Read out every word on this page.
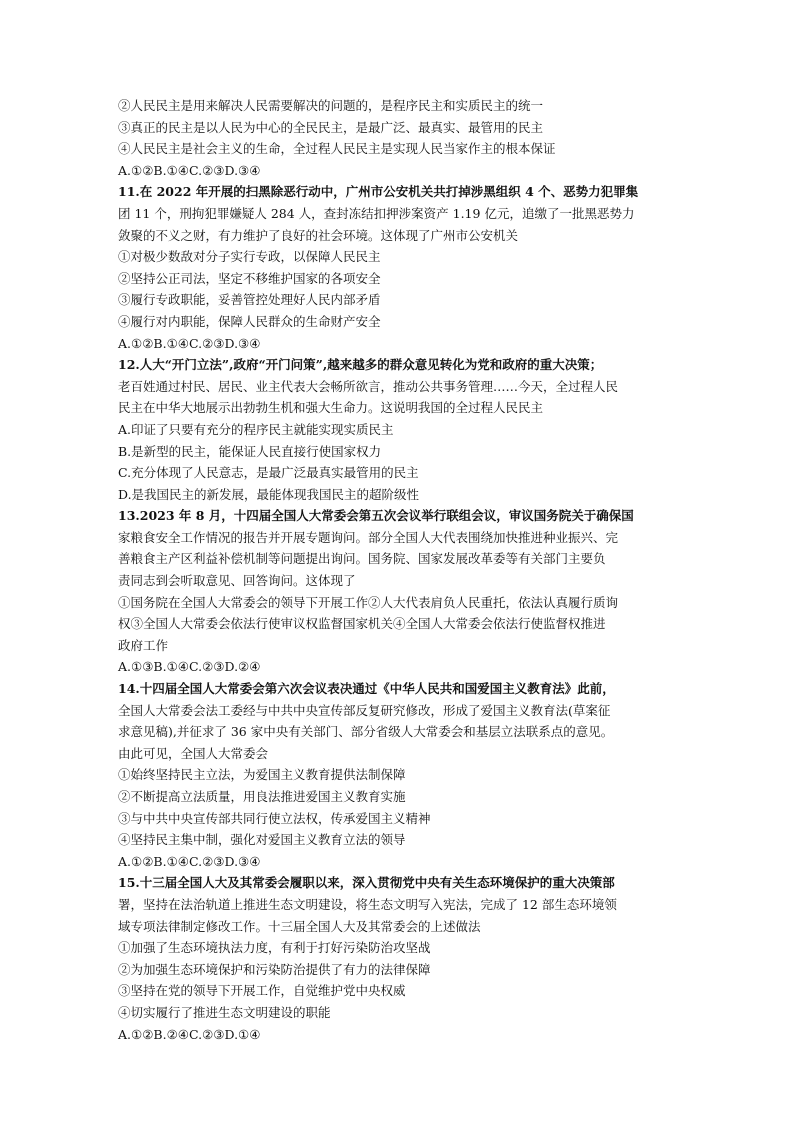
②人民民主是用来解决人民需要解决的问题的，是程序民主和实质民主的统一
③真正的民主是以人民为中心的全民民主，是最广泛、最真实、最管用的民主
④人民民主是社会主义的生命，全过程人民民主是实现人民当家作主的根本保证
A.①②B.①④C.②③D.③④
11.在 2022 年开展的扫黑除恶行动中，广州市公安机关共打掉涉黑组织 4 个、恶势力犯罪集
团 11 个，刑拘犯罪嫌疑人 284 人，查封冻结扣押涉案资产 1.19 亿元，追缴了一批黑恶势力
敛聚的不义之财，有力维护了良好的社会环境。这体现了广州市公安机关
①对极少数敌对分子实行专政，以保障人民民主
②坚持公正司法，坚定不移维护国家的各项安全
③履行专政职能，妥善管控处理好人民内部矛盾
④履行对内职能，保障人民群众的生命财产安全
A.①②B.①④C.②③D.③④
12.人大“开门立法”,政府“开门问策”,越来越多的群众意见转化为党和政府的重大决策；
老百姓通过村民、居民、业主代表大会畅所欲言，推动公共事务管理……今天，全过程人民
民主在中华大地展示出勃勃生机和强大生命力。这说明我国的全过程人民民主
A.印证了只要有充分的程序民主就能实现实质民主
B.是新型的民主，能保证人民直接行使国家权力
C.充分体现了人民意志，是最广泛最真实最管用的民主
D.是我国民主的新发展，最能体现我国民主的超阶级性
13.2023 年 8 月，十四届全国人大常委会第五次会议举行联组会议，审议国务院关于确保国
家粮食安全工作情况的报告并开展专题询问。部分全国人大代表围绕加快推进种业振兴、完
善粮食主产区利益补偿机制等问题提出询问。国务院、国家发展改革委等有关部门主要负
责同志到会听取意见、回答询问。这体现了
①国务院在全国人大常委会的领导下开展工作②人大代表肩负人民重托，依法认真履行质询
权③全国人大常委会依法行使审议权监督国家机关④全国人大常委会依法行使监督权推进
政府工作
A.①③B.①④C.②③D.②④
14.十四届全国人大常委会第六次会议表决通过《中华人民共和国爱国主义教育法》此前，
全国人大常委会法工委经与中共中央宣传部反复研究修改，形成了爱国主义教育法(草案征
求意见稿),并征求了 36 家中央有关部门、部分省级人大常委会和基层立法联系点的意见。
由此可见，全国人大常委会
①始终坚持民主立法，为爱国主义教育提供法制保障
②不断提高立法质量，用良法推进爱国主义教育实施
③与中共中央宣传部共同行使立法权，传承爱国主义精神
④坚持民主集中制，强化对爱国主义教育立法的领导
A.①②B.①④C.②③D.③④
15.十三届全国人大及其常委会履职以来，深入贯彻党中央有关生态环境保护的重大决策部
署，坚持在法治轨道上推进生态文明建设，将生态文明写入宪法，完成了 12 部生态环境领
域专项法律制定修改工作。十三届全国人大及其常委会的上述做法
①加强了生态环境执法力度，有利于打好污染防治攻坚战
②为加强生态环境保护和污染防治提供了有力的法律保障
③坚持在党的领导下开展工作，自觉维护党中央权威
④切实履行了推进生态文明建设的职能
A.①②B.②④C.②③D.①④
